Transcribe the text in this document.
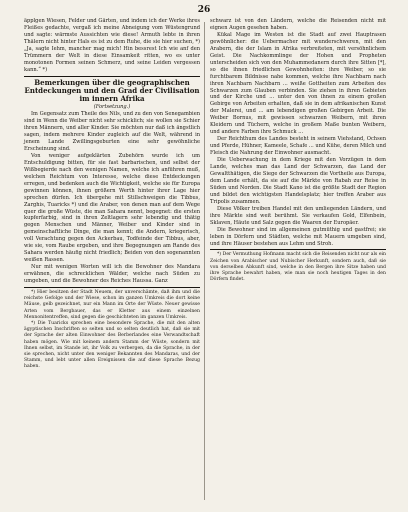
26

äpplgen Wiesen, Felder und Gärten, und indem ich der Werke ihres Fleißes gedachte, vergaß ich meine Abneigung vom Wüstengrund und sagte: wärmste Aussichten wie diese! Armuth lebte in ihren Thälern nicht hinter Hals es ist zu dem Ruhe, die sie hier suchen, *) „Ja, sagte Iehm, mancher mag mich! Hin bessrest Ich wie anf den Trümmern der Welt in diese Einsamkeit ritten, wo es unter monotonen Formen seinen Schmerz, und seine Leiden vergessen kann.“ *)

Bemerkungen über die geographischen Entdeckungen und den Grad der Civilisation im innern Afrika

(Fortsetzung.)

Im Gegensatz zum Theile des Nils, und zu den von Senegambien sind in Wenn die Weiber nicht sehr schicklich; sie wollen sie Schier ihren Männern, und aller Kinder. Sie möchten nur daß ich ängstlich sagen, indem mehrere Kinder zugleich auf die Welt, während in jenem Lande Zwillingsgeburten eine sehr gewöhnliche Erscheinung sind.

Von weniger aufgeklärten Zubehörn wurde ich um Entschuldigung bitten, für sie fast barbarischen, und selbst der Wißbegierde nach den wenigen Namen, welche ich anführen muß, welchen Reichtum von Interesse, welche diese Entdeckungen erregen, und bedenken auch die Wichtigkeit, welche sie für Europa gewinnen können, ihnen größern Werth hinter ihrer Lage hier sprechen dürfen. Ich übergehe mit Stillschweigen die Tibbus, Zarghis, Tuaricks *) und die Araber, von denen man auf dem Wege quer die große Wüste, die man Sahara nennt, begegnet: die ersten kupferfarbig, sind in ihren Zeltlagern sehr lebendig und thätig gegen Menschen und Männer, Weiber und Kinder sind in gemeinschaftliche Dinge, die man kennt; die Andern, kriegerisch, voll Verachtung gegen den Ackerbau, Todfeinde der Tibbus, aber, wie sie, vom Raube ergeben, und ihre Begegnungen am Rande des Sahara werden häufig nicht friedlich; Beiden von den sogenannten weißen Rassen.

Nur mit wenigen Worten will ich die Bewohner des Mandara erwähnen, die schrecklichen Wälder, welche nach Süden zu umgeben, und die Bewohner des Reiches Haussa. Ganz

*) Hier besitzen der Stadt Neuem, der unverschämte, daß ihm und die reichste Gefolge und der Wiese, schon im ganzen Umkreis die dort keine Mäuse, gelb gezeichnet, nur ein Mann im Orte der Wüste. Neuer gewisse Arten vom Bergbauer, das er Kletter aus einem einzelnen Mennonitentreffen, sind gegen die geschichteten im ganzen Umkreis.

*) Die Tuaricks sprechen eine besondere Sprache, die mit den alten ägyptischen Inschriften so selten und so selten deutlich hat, daß sie mit der Sprache der alten Einwohner des Berberlandes eine Verwandtschaft haben mögen. Wie mit keinem andern Stamm der Wüste, sondern mit Ihnen selbst, im Stande ist, ihr Volk zu verbergen, da die Sprache, in der sie sprechen, nicht unter den weniger Bekannten des Mandaras, und der Stamm, und lebt unter allen Ereignissen die auf diese Sprache Bezug haben.

schwarz ist von den Ländern, welche die Reisenden nicht mit eignen Augen gesehen haben.

Kükal Mage im Westen ist die Stadt auf zwei Hauptrasen gewöhnlicher: die Uebermacher mit wunderschweren, mit den Arabern, die der Islam in Afrika verbreiteten, mit versöhnlichem Geist. Die Nachkommlinge der Hohen und Propheten unterscheiden sich von den Muhammedanern durch ihre Sitten [*], so die ihnen friedlichen Gewohnheiten: ihre Weiber, so sie furchtbarem Bildnisse nahe kommen, welche ihre Nachbarn nach ihren Nachbarn Nachbarn ... weiße Gottheiten zum Arbeiten des Schwarzen zum Glauben verbinden. Sie ziehen in ihren Gebieten und der Kirche und ... unter den von ihnen zu einem großen Gebirge von Arbeiten erhalten, daß sie in dem afrikanischen Kunst der Malerei, und ... am lebendigen großen Gebirgen Arbeit. Die Weiber Bornus, mit gewissen schwarzen Weibern, mit ihren Kleidern und Tüchern, welche in großem Maße bunten Weibern, und andere Farben ihre Schmuck ...

Der Reichthum des Landes besteht in seinem Viehstand, Ochsen und Pferde, Hühner, Kameele, Schafe ... und Kühe, deren Milch und Fleisch die Nahrung der Einwohner ausmacht.

Die Ueberwachung in dem Kriege mit den Vorzügen in dem Lande, welches man das Land der Schwarzen, das Land der Gewaltthätigen, die Siege der Schwarzen die Vortheile aus Europa, dem Lande erhält, da sie auf die Märkte von Rabah zur Reise in Süden und Norden. Die Stadt Kano ist die größte Stadt der Region und bildet den wichtigsten Handelsplatz; hier treffen Araber aus Tripolis zusammen.

Diese Völker treiben Handel mit den umliegenden Ländern, und ihre Märkte sind weit berühmt. Sie verkaufen Gold, Elfenbein, Sklaven, Häute und Salz gegen die Waaren der Europäer.

Die Bewohner sind im allgemeinen gutmüthig und gastfrei; sie leben in Dörfern und Städten, welche mit Mauern umgeben sind, und ihre Häuser bestehen aus Lehm und Stroh.

*) Der Vermuthung Hofmann macht sich die Reisenden nicht nur als ein Zeichen von Arabischer und Nubischer Herkunft, sondern auch, daß sie von derselben Abkunft sind, welche in den Bergen ihre Sitze haben und ihre Sprache bewahrt haben, wie man sie noch heutigen Tages in den Dörfern findet.
